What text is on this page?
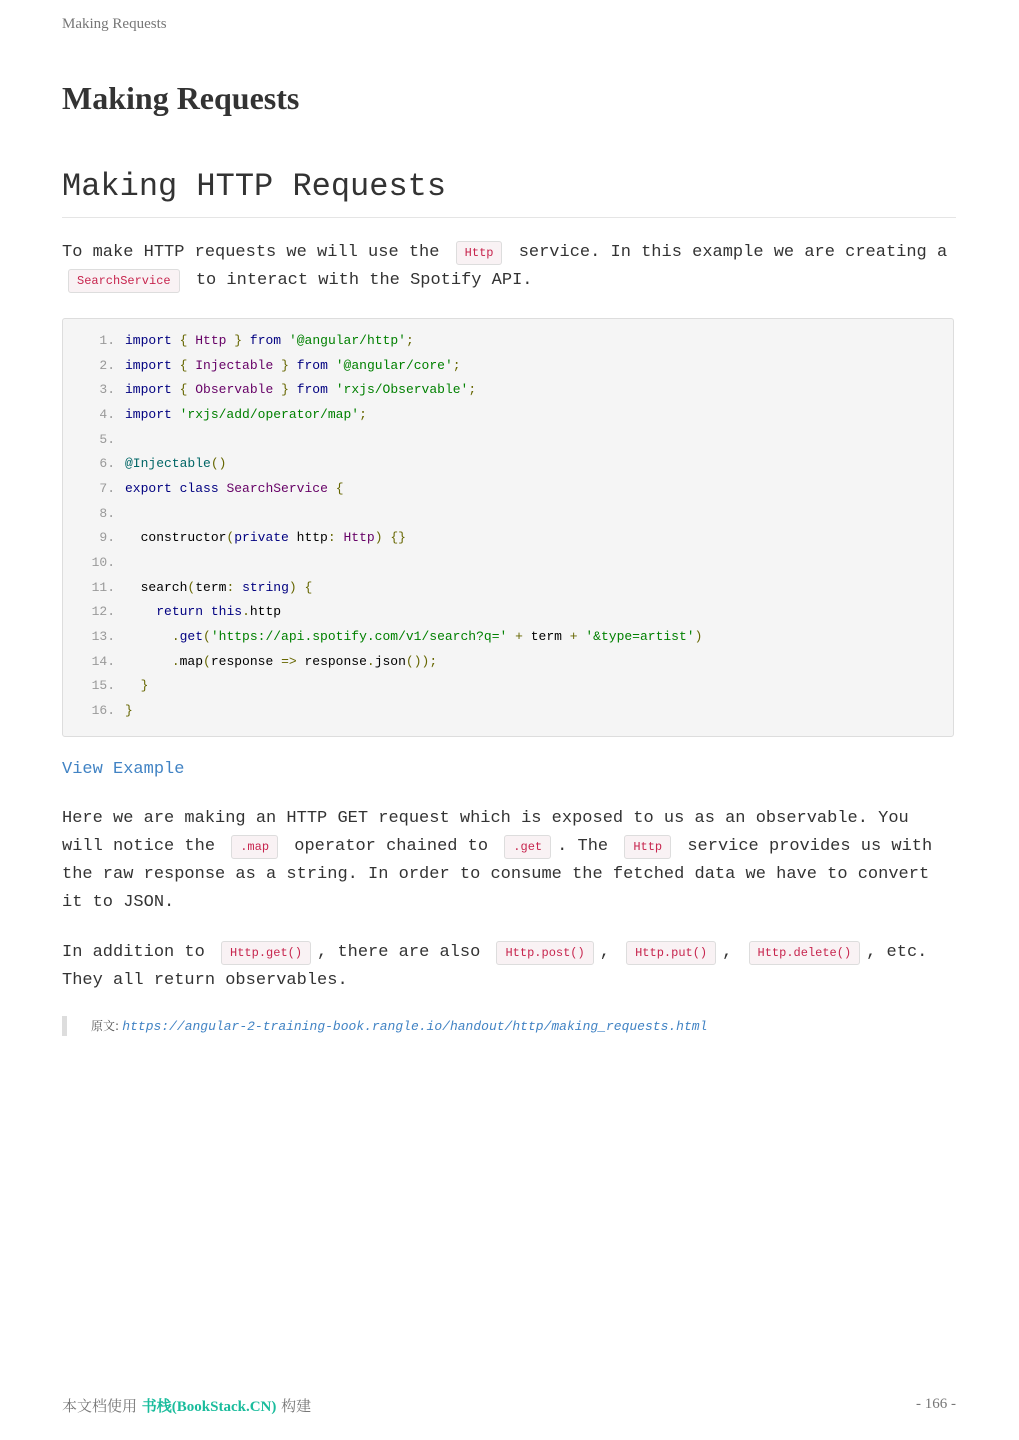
Making Requests
Making Requests
Making HTTP Requests

To make HTTP requests we will use the Http service. In this example we are creating a SearchService to interact with the Spotify API.

1. import { Http } from '@angular/http';
2. import { Injectable } from '@angular/core';
3. import { Observable } from 'rxjs/Observable';
4. import 'rxjs/add/operator/map';
5.
6. @Injectable()
7. export class SearchService {
8.
9.  constructor(private http: Http) {}
10.
11.  search(term: string) {
12.	return this.http
13.	.get('https://api.spotify.com/v1/search?q=' + term + '&type=artist')
14.	.map(response => response.json());
15. }
16. }
View Example

Here we are making an HTTP GET request which is exposed to us as an observable. You will notice the .map operator chained to .get . The Http service provides us with the raw response as a string. In order to consume the fetched data we have to convert it to JSON.

In addition to Http.get() , there are also Http.post() , Http.put() , Http.delete() , etc. They all return observables.

原文: https://angular-2-training-book.rangle.io/handout/http/making_requests.html
本文档使用 书栈(BookStack.CN) 构建	- 166 -
